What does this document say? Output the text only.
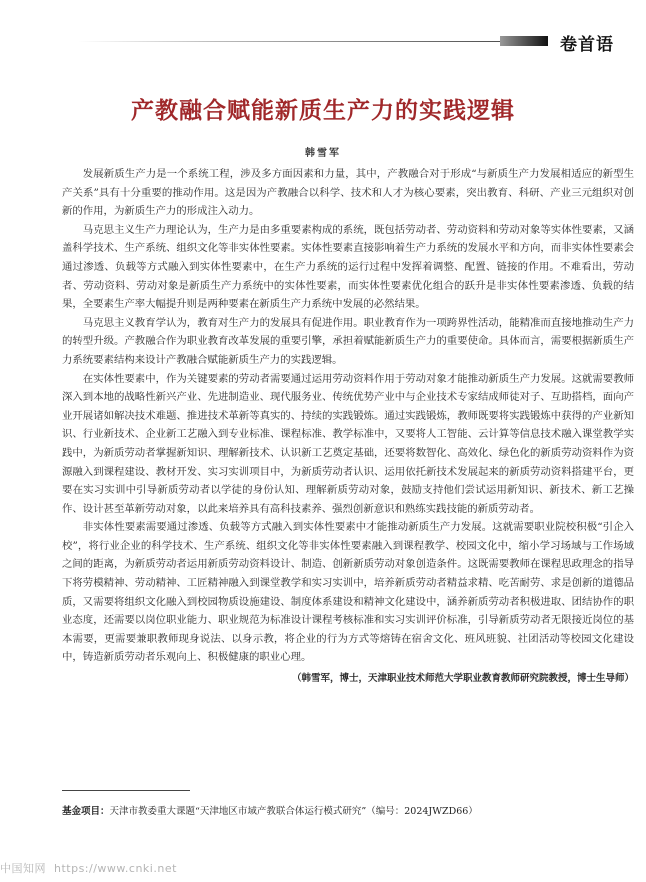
卷首语
产教融合赋能新质生产力的实践逻辑
韩雪军

发展新质生产力是一个系统工程，涉及多方面因素和力量，其中，产教融合对于形成“与新质生产力发展相适应的新型生产关系”具有十分重要的推动作用。这是因为产教融合以科学、技术和人才为核心要素，突出教育、科研、产业三元组织对创新的作用，为新质生产力的形成注入动力。

马克思主义生产力理论认为，生产力是由多重要素构成的系统，既包括劳动者、劳动资料和劳动对象等实体性要素，又涵盖科学技术、生产系统、组织文化等非实体性要素。实体性要素直接影响着生产力系统的发展水平和方向，而非实体性要素会通过渗透、负载等方式融入到实体性要素中，在生产力系统的运行过程中发挥着调整、配置、链接的作用。不难看出，劳动者、劳动资料、劳动对象是新质生产力系统中的实体性要素，而实体性要素优化组合的跃升是非实体性要素渗透、负载的结果，全要素生产率大幅提升则是两种要素在新质生产力系统中发展的必然结果。

马克思主义教育学认为，教育对生产力的发展具有促进作用。职业教育作为一项跨界性活动，能精准而直接地推动生产力的转型升级。产教融合作为职业教育改革发展的重要引擎，承担着赋能新质生产力的重要使命。具体而言，需要根据新质生产力系统要素结构来设计产教融合赋能新质生产力的实践逻辑。

在实体性要素中，作为关键要素的劳动者需要通过运用劳动资料作用于劳动对象才能推动新质生产力发展。这就需要教师深入到本地的战略性新兴产业、先进制造业、现代服务业、传统优势产业中与企业技术专家结成师徒对子、互助搭档，面向产业开展诸如解决技术难题、推进技术革新等真实的、持续的实践锻炼。通过实践锻炼，教师既要将实践锻炼中获得的产业新知识、行业新技术、企业新工艺融入到专业标准、课程标准、教学标准中，又要将人工智能、云计算等信息技术融入课堂教学实践中，为新质劳动者掌握新知识、理解新技术、认识新工艺奠定基础，还要将数智化、高效化、绿色化的新质劳动资料作为资源融入到课程建设、教材开发、实习实训项目中，为新质劳动者认识、运用依托新技术发展起来的新质劳动资料搭建平台，更要在实习实训中引导新质劳动者以学徒的身份认知、理解新质劳动对象，鼓励支持他们尝试运用新知识、新技术、新工艺操作、设计甚至革新劳动对象，以此来培养具有高科技素养、强烈创新意识和熟练实践技能的新质劳动者。

非实体性要素需要通过渗透、负载等方式融入到实体性要素中才能推动新质生产力发展。这就需要职业院校积极“引企入校”，将行业企业的科学技术、生产系统、组织文化等非实体性要素融入到课程教学、校园文化中，缩小学习场域与工作场域之间的距离，为新质劳动者运用新质劳动资料设计、制造、创新新质劳动对象创造条件。这既需要教师在课程思政理念的指导下将劳模精神、劳动精神、工匠精神融入到课堂教学和实习实训中，培养新质劳动者精益求精、吃苦耐劳、求是创新的道德品质，又需要将组织文化融入到校园物质设施建设、制度体系建设和精神文化建设中，涵养新质劳动者积极进取、团结协作的职业态度，还需要以岗位职业能力、职业规范为标准设计课程考核标准和实习实训评价标准，引导新质劳动者无限接近岗位的基本需要，更需要兼职教师现身说法、以身示教，将企业的行为方式等熔铸在宿舍文化、班风班貌、社团活动等校园文化建设中，铸造新质劳动者乐观向上、积极健康的职业心理。

（韩雪军，博士，天津职业技术师范大学职业教育教师研究院教授，博士生导师）

基金项目：天津市教委重大课题“天津地区市域产教联合体运行模式研究”（编号：2024JWZD66）
中国知网 https://www.cnki.net
